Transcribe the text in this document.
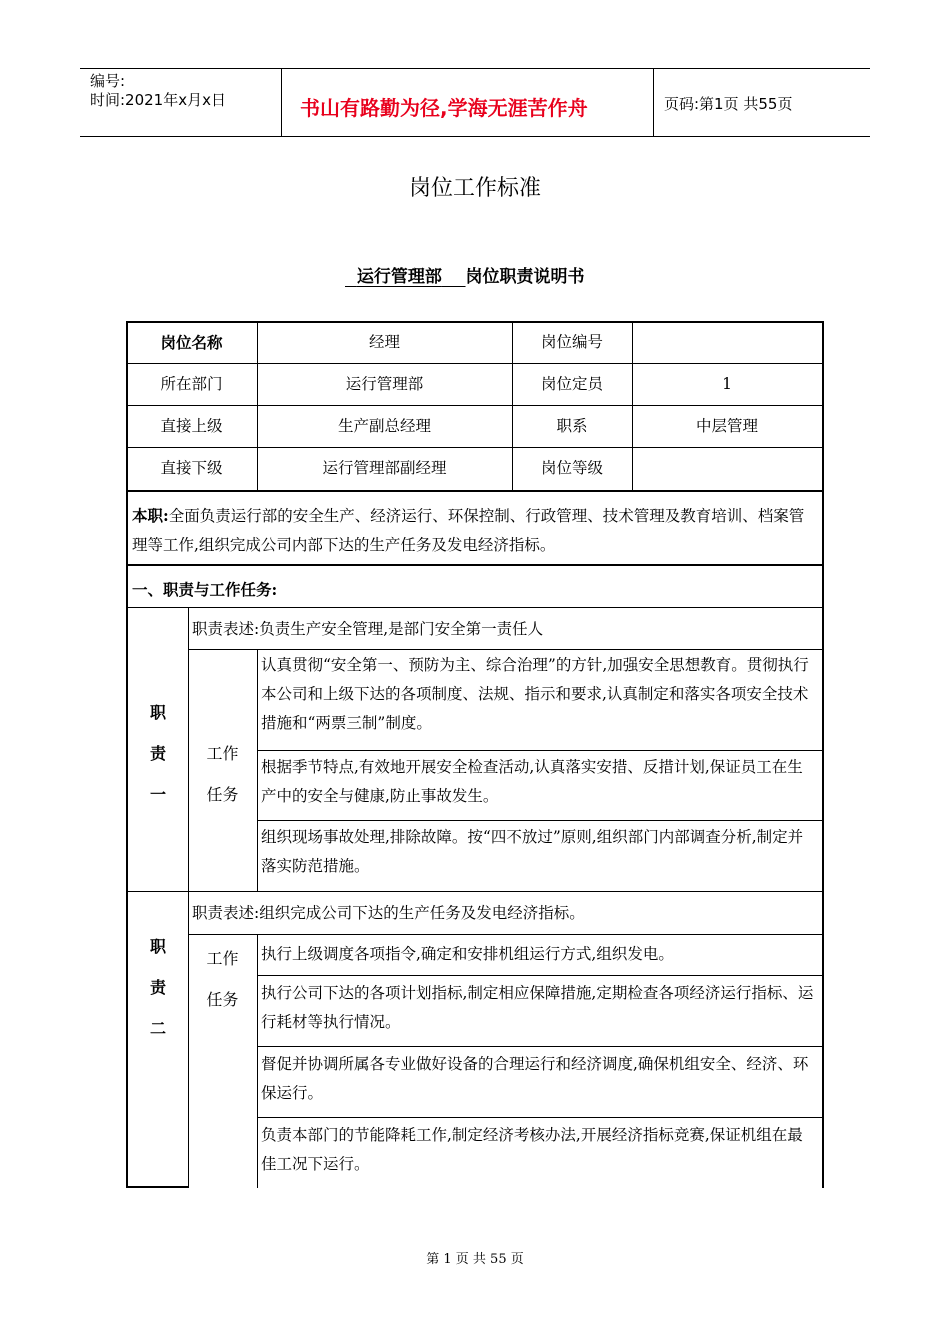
编号:
时间:2021年x月x日	书山有路勤为径,学海无涯苦作舟	页码:第1页 共55页
岗位工作标准
运行管理部 岗位职责说明书
岗位名称	经理	岗位编号
所在部门	运行管理部	岗位定员	1
直接上级	生产副总经理	职系	中层管理
直接下级	运行管理部副经理	岗位等级
本职:全面负责运行部的安全生产、经济运行、环保控制、行政管理、技术管理及教育培训、档案管理等工作,组织完成公司内部下达的生产任务及发电经济指标。
一、职责与工作任务:
职
责
一
职责表述:负责生产安全管理,是部门安全第一责任人
工作
任务
认真贯彻“安全第一、预防为主、综合治理”的方针,加强安全思想教育。贯彻执行本公司和上级下达的各项制度、法规、指示和要求,认真制定和落实各项安全技术措施和“两票三制”制度。
根据季节特点,有效地开展安全检查活动,认真落实安措、反措计划,保证员工在生产中的安全与健康,防止事故发生。
组织现场事故处理,排除故障。按“四不放过”原则,组织部门内部调查分析,制定并落实防范措施。
职
责
二
职责表述:组织完成公司下达的生产任务及发电经济指标。
工作
任务
执行上级调度各项指令,确定和安排机组运行方式,组织发电。
执行公司下达的各项计划指标,制定相应保障措施,定期检查各项经济运行指标、运行耗材等执行情况。
督促并协调所属各专业做好设备的合理运行和经济调度,确保机组安全、经济、环保运行。
负责本部门的节能降耗工作,制定经济考核办法,开展经济指标竞赛,保证机组在最佳工况下运行。
第 1 页 共 55 页
